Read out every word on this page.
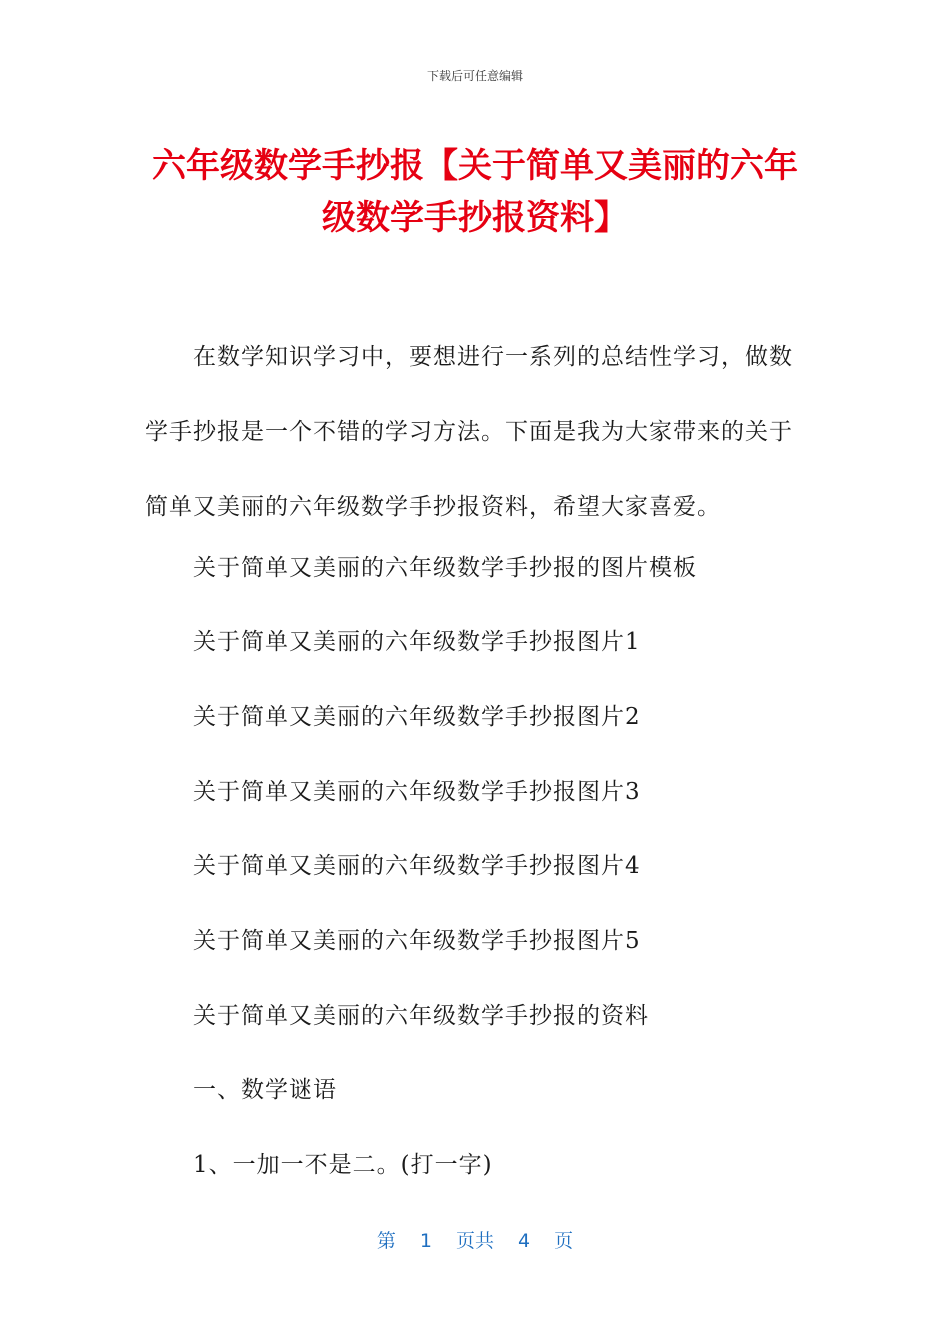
下载后可任意编辑
六年级数学手抄报【关于简单又美丽的六年级数学手抄报资料】
在数学知识学习中，要想进行一系列的总结性学习，做数学手抄报是一个不错的学习方法。下面是我为大家带来的关于简单又美丽的六年级数学手抄报资料，希望大家喜爱。
关于简单又美丽的六年级数学手抄报的图片模板
关于简单又美丽的六年级数学手抄报图片1
关于简单又美丽的六年级数学手抄报图片2
关于简单又美丽的六年级数学手抄报图片3
关于简单又美丽的六年级数学手抄报图片4
关于简单又美丽的六年级数学手抄报图片5
关于简单又美丽的六年级数学手抄报的资料
一、数学谜语
1、一加一不是二。(打一字)
第 1 页共 4 页
